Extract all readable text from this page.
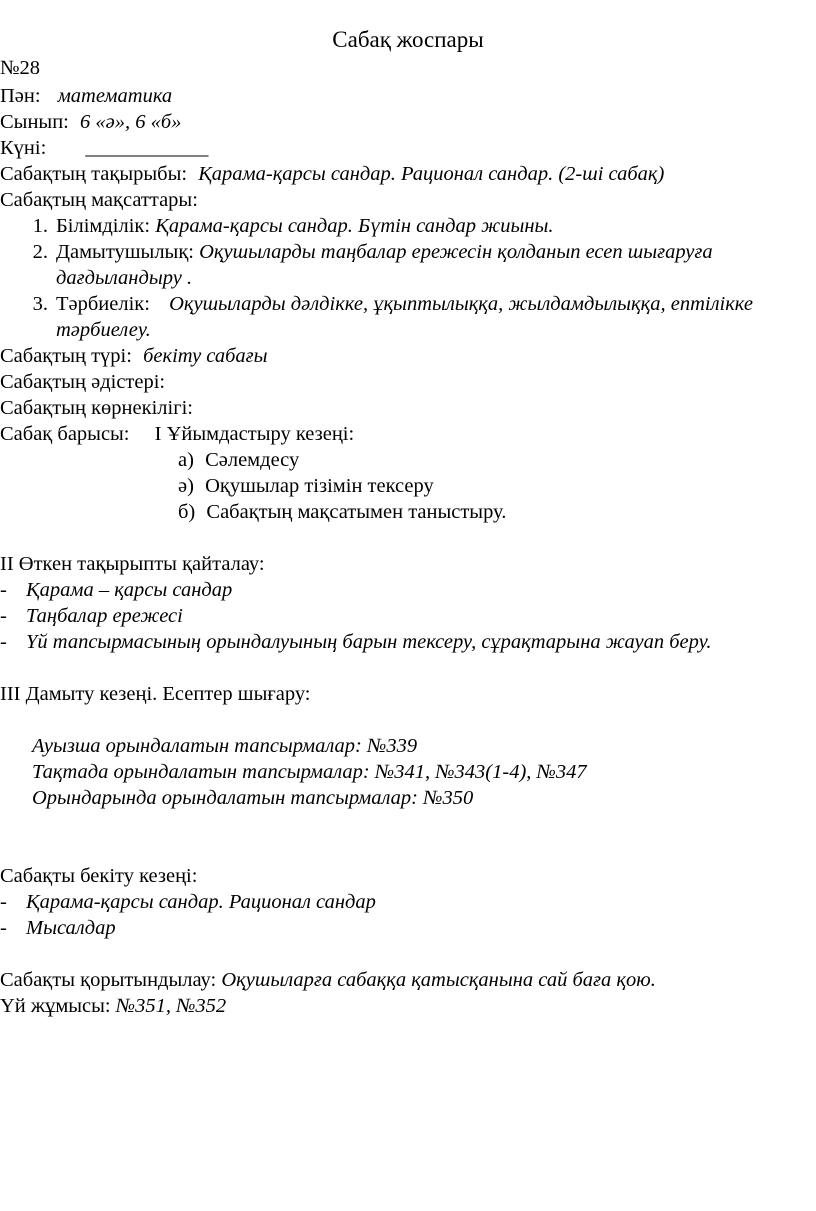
Сабақ жоспары
№28
Пән: математика
Сынып: 6 «ә», 6 «б»
Күні: ____________
Сабақтың тақырыбы: Қарама-қарсы сандар. Рационал сандар. (2-ші сабақ)
Сабақтың мақсаттары:
1. Білімділік: Қарама-қарсы сандар. Бүтін сандар жиыны.
2. Дамытушылық: Оқушыларды таңбалар ережесін қолданып есеп шығаруға
дағдыландыру .
3. Тәрбиелік: Оқушыларды дәлдікке, ұқыптылыққа, жылдамдылыққа, ептілікке
тәрбиелеу.
Сабақтың түрі: бекіту сабағы
Сабақтың әдістері:
Сабақтың көрнекілігі:
Сабақ барысы: I Ұйымдастыру кезеңі:
а) Сәлемдесу
ә) Оқушылар тізімін тексеру
б) Сабақтың мақсатымен таныстыру.
II Өткен тақырыпты қайталау:
- Қарама – қарсы сандар
- Таңбалар ережесі
- Үй тапсырмасының орындалуының барын тексеру, сұрақтарына жауап беру.
III Дамыту кезеңі. Есептер шығару:
Ауызша орындалатын тапсырмалар: №339
Тақтада орындалатын тапсырмалар: №341, №343(1-4), №347
Орындарында орындалатын тапсырмалар: №350
Сабақты бекіту кезеңі:
- Қарама-қарсы сандар. Рационал сандар
- Мысалдар
Сабақты қорытындылау: Оқушыларға сабаққа қатысқанына сай баға қою.
Үй жұмысы: №351, №352
